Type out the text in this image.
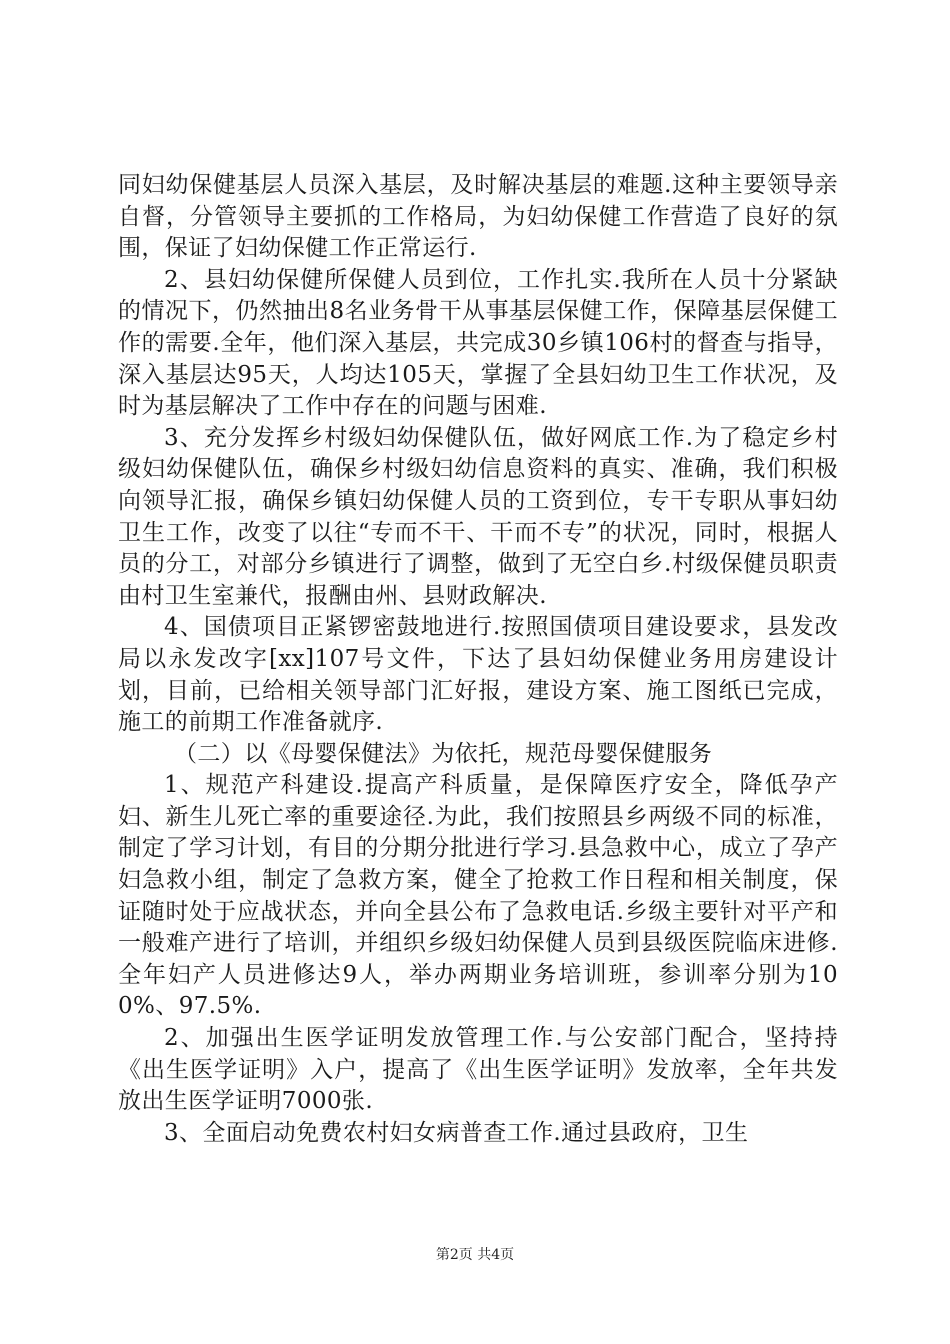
同妇幼保健基层人员深入基层，及时解决基层的难题.这种主要领导亲自督，分管领导主要抓的工作格局，为妇幼保健工作营造了良好的氛围，保证了妇幼保健工作正常运行.

2、县妇幼保健所保健人员到位，工作扎实.我所在人员十分紧缺的情况下，仍然抽出8名业务骨干从事基层保健工作，保障基层保健工作的需要.全年，他们深入基层，共完成30乡镇106村的督查与指导，深入基层达95天，人均达105天，掌握了全县妇幼卫生工作状况，及时为基层解决了工作中存在的问题与困难.

3、充分发挥乡村级妇幼保健队伍，做好网底工作.为了稳定乡村级妇幼保健队伍，确保乡村级妇幼信息资料的真实、准确，我们积极向领导汇报，确保乡镇妇幼保健人员的工资到位，专干专职从事妇幼卫生工作，改变了以往“专而不干、干而不专”的状况，同时，根据人员的分工，对部分乡镇进行了调整，做到了无空白乡.村级保健员职责由村卫生室兼代，报酬由州、县财政解决.

4、国债项目正紧锣密鼓地进行.按照国债项目建设要求，县发改局以永发改字[xx]107号文件，下达了县妇幼保健业务用房建设计划，目前，已给相关领导部门汇好报，建设方案、施工图纸已完成，施工的前期工作准备就序.

（二）以《母婴保健法》为依托，规范母婴保健服务

1、规范产科建设.提高产科质量，是保障医疗安全，降低孕产妇、新生儿死亡率的重要途径.为此，我们按照县乡两级不同的标准，制定了学习计划，有目的分期分批进行学习.县急救中心，成立了孕产妇急救小组，制定了急救方案，健全了抢救工作日程和相关制度，保证随时处于应战状态，并向全县公布了急救电话.乡级主要针对平产和一般难产进行了培训，并组织乡级妇幼保健人员到县级医院临床进修.全年妇产人员进修达9人，举办两期业务培训班，参训率分别为100%、97.5%.

2、加强出生医学证明发放管理工作.与公安部门配合，坚持持《出生医学证明》入户，提高了《出生医学证明》发放率，全年共发放出生医学证明7000张.

3、全面启动免费农村妇女病普查工作.通过县政府，卫生

第2页 共4页
